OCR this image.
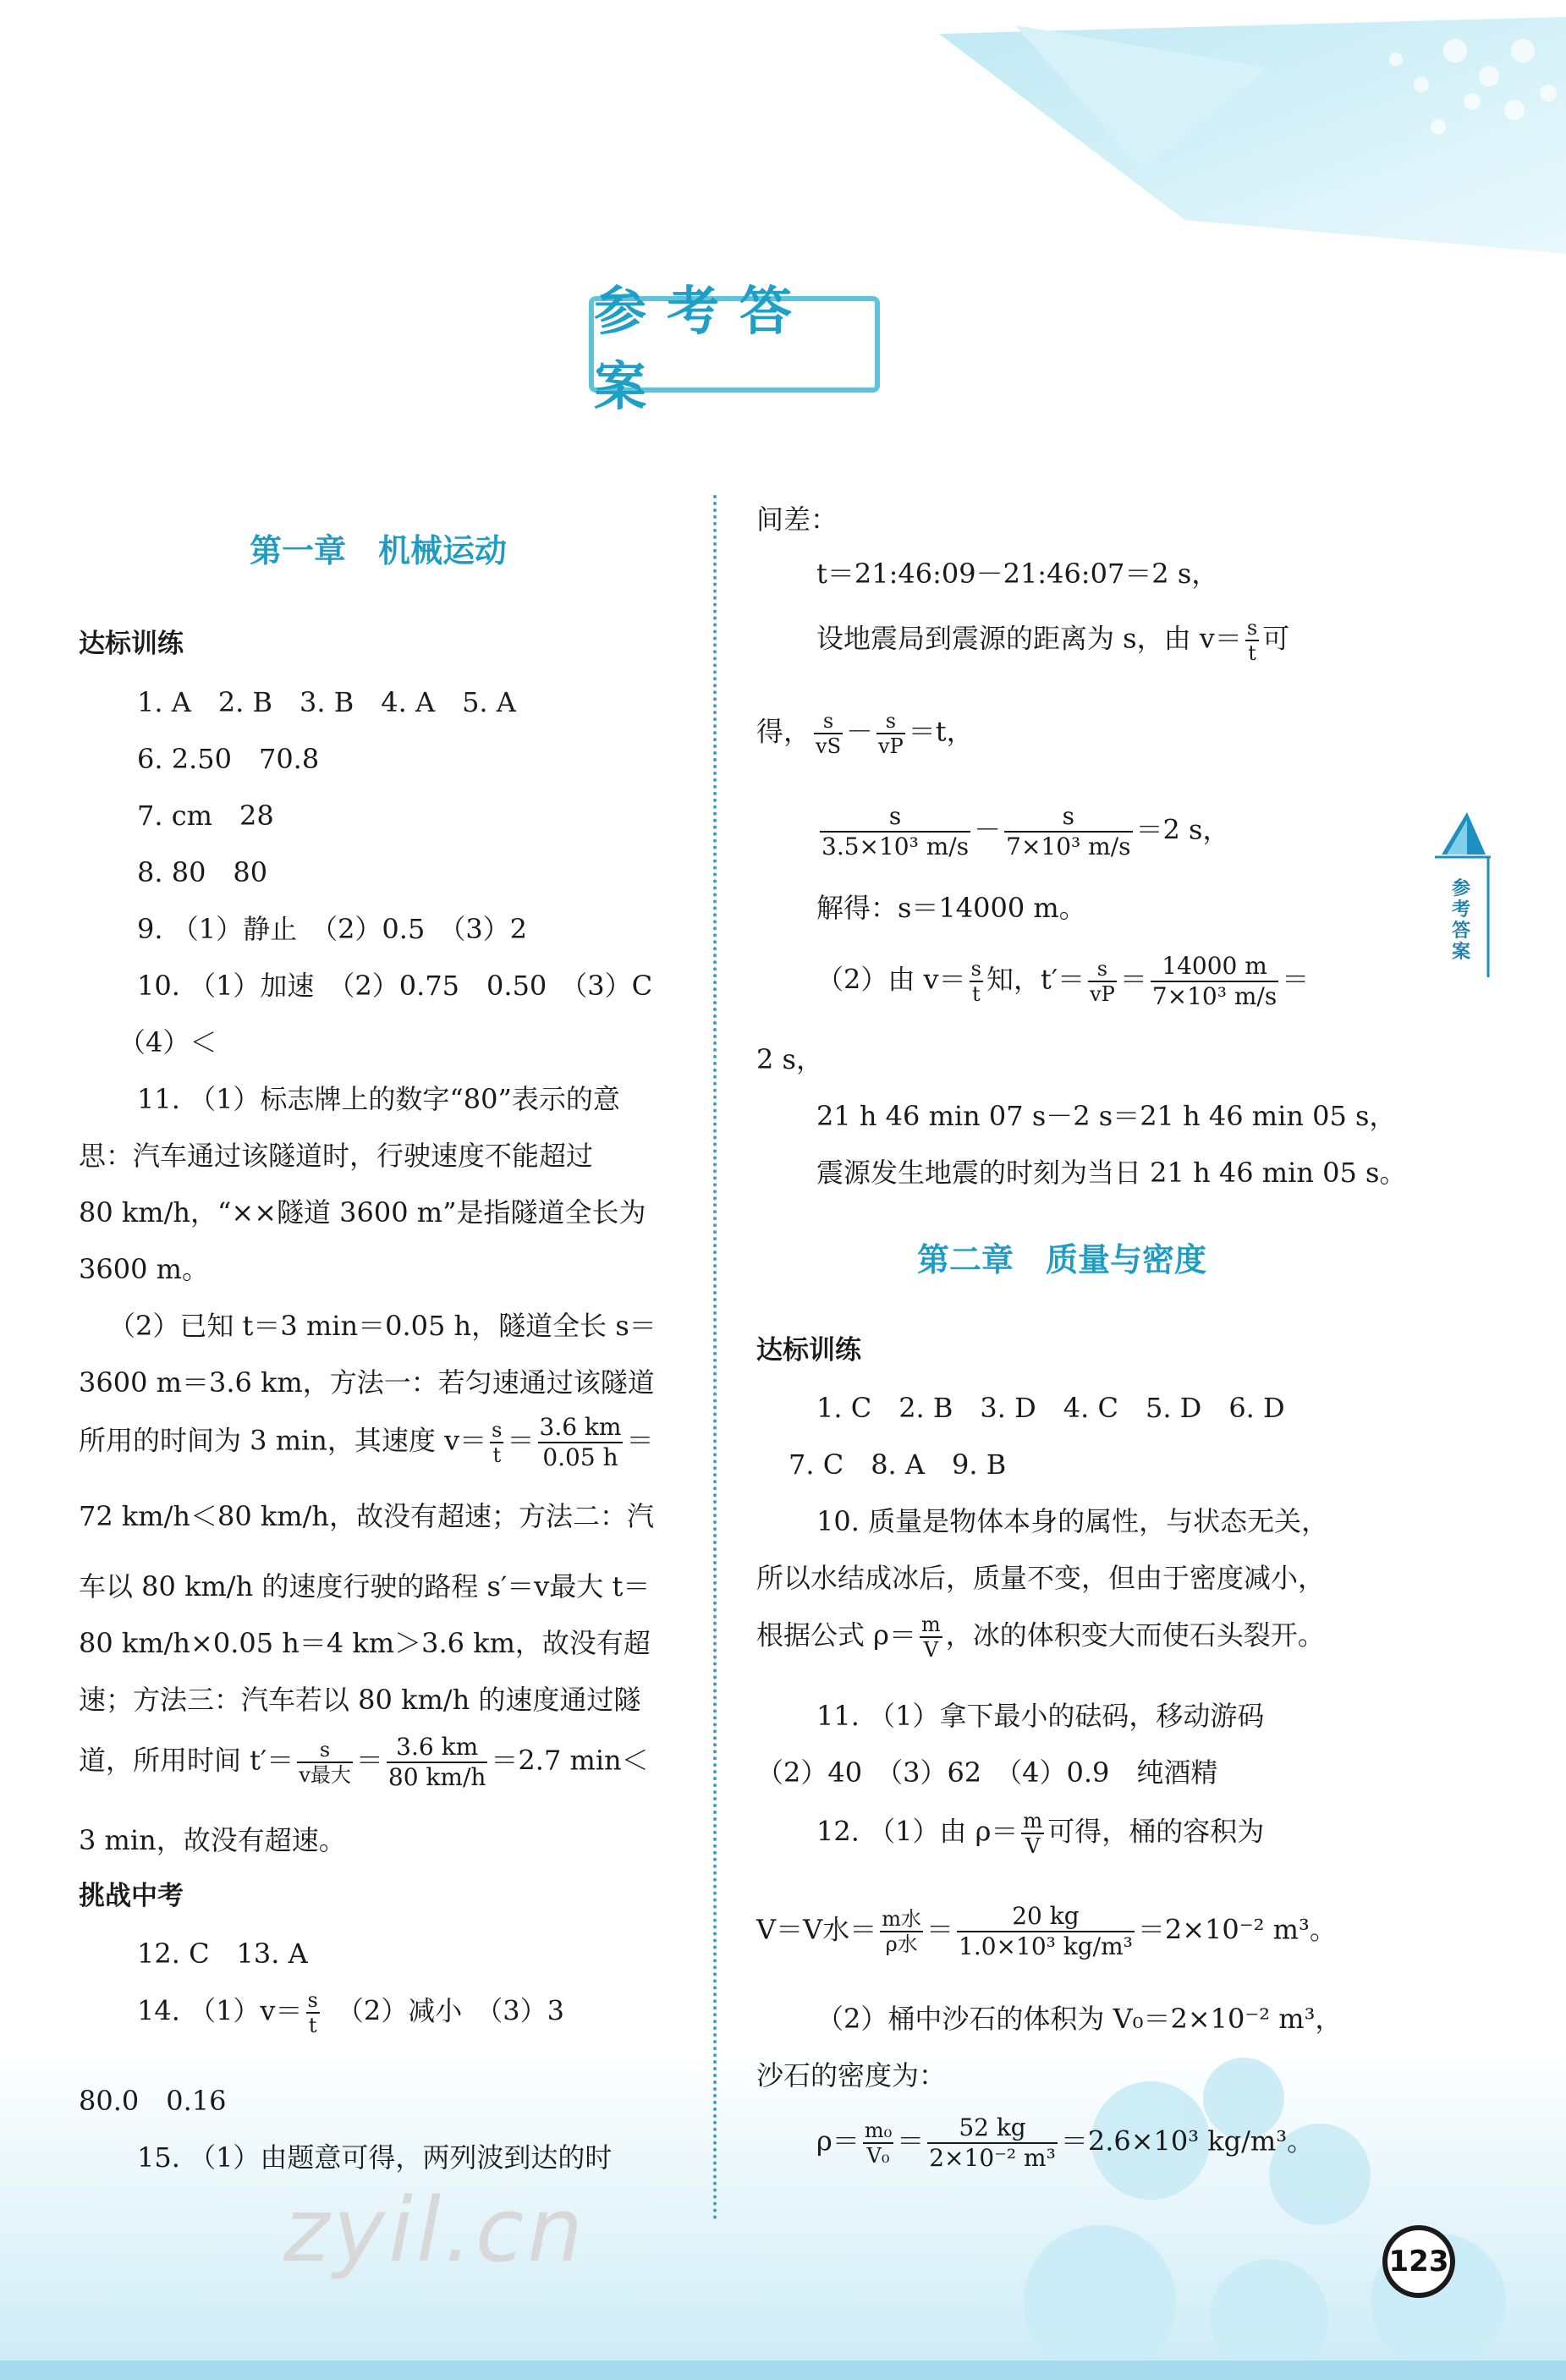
参考答案
参考答案
第一章　机械运动
达标训练
1. A　2. B　3. B　4. A　5. A
6. 2.50　70.8
7. cm　28
8. 80　80
9. （1）静止　（2）0.5　（3）2
10. （1）加速　（2）0.75　0.50　（3）C
（4）＜
11. （1）标志牌上的数字“80”表示的意
思：汽车通过该隧道时，行驶速度不能超过
80 km/h，“××隧道 3600 m”是指隧道全长为
3600 m。
（2）已知 t＝3 min＝0.05 h，隧道全长 s＝
3600 m＝3.6 km，方法一：若匀速通过该隧道
所用的时间为 3 min，其速度 $v= \frac{s}{t} = \frac{3.6 km}{0.05 h}$ ＝
72 km/h＜80 km/h，故没有超速；方法二：汽
车以 80 km/h 的速度行驶的路程 s′＝v最大 t＝
80 km/h×0.05 h＝4 km＞3.6 km，故没有超
速；方法三：汽车若以 80 km/h 的速度通过隧
道，所用时间 t′＝	s
v最大 ＝ $\frac{3.6 km}{80 km/h} =2.7$ min＜
3 min，故没有超速。
挑战中考
12. C　13. A
14. $(1)v= \frac{s}{t}$ 　（2）减小　（3）3
80.0　0.16
15. （1）由题意可得，两列波到达的时
间差：
t＝21:46:09－21:46:07＝2 s，
设地震局到震源的距离为 s，由 $v= \frac{s}{t}$ 可
得， $\frac{s}{vS} - \frac{s}{vP} =t$，
$\frac{s}{\text{3.5×10³ m/s}} - \frac{s}{\text{7×10³ m/s}} =2$ s，
解得：s＝14000 m。
（2）由 $v= \frac{s}{t}$ 知，$t'= \frac{s}{vP} = \frac{14000 m}{\text{7×10³ m/s}}$ ＝
2 s，
21 h 46 min 07 s－2 s＝21 h 46 min 05 s，
震源发生地震的时刻为当日 21 h 46 min 05 s。
第二章　质量与密度
达标训练
1. C　2. B　3. D　4. C　5. D　6. D
7. C　8. A　9. B
10. 质量是物体本身的属性，与状态无关，
所以水结成冰后，质量不变，但由于密度减小，
根据公式 $\rho= \frac{m}{V}$ ，冰的体积变大而使石头裂开。
11. （1）拿下最小的砝码，移动游码
（2）40　（3）62　（4）0.9　纯酒精
12. （1）由 $\rho= \frac{m}{V}$ 可得，桶的容积为
V＝V水＝ m水
ρ水 ＝ $\frac{20 kg}{\text{1.0×10³ kg/m³}} =2\times 10^{-2}$ m³。
（2）桶中沙石的体积为 V₀＝2×10⁻² m³，
沙石的密度为：
$\rho= \frac{\text{m₀}}{\text{V₀}} = \frac{52 kg}{\text{2×10⁻² m³}} =2.6\times 10^3$ kg/m³。
zyil.cn	123
